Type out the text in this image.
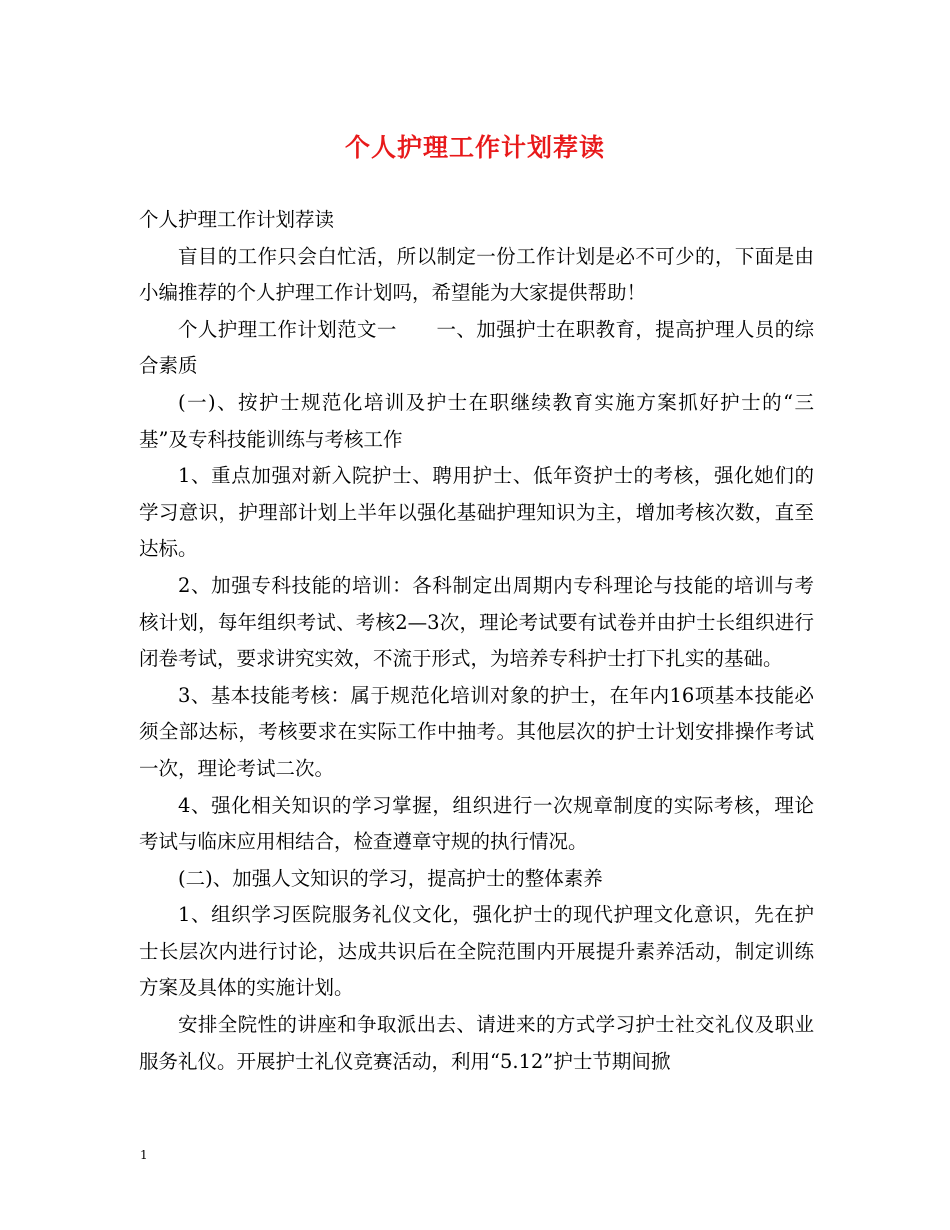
个人护理工作计划荐读

个人护理工作计划荐读

盲目的工作只会白忙活，所以制定一份工作计划是必不可少的，下面是由小编推荐的个人护理工作计划吗，希望能为大家提供帮助！

个人护理工作计划范文一　　一、加强护士在职教育，提高护理人员的综合素质

(一)、按护士规范化培训及护士在职继续教育实施方案抓好护士的“三基”及专科技能训练与考核工作

1、重点加强对新入院护士、聘用护士、低年资护士的考核，强化她们的学习意识，护理部计划上半年以强化基础护理知识为主，增加考核次数，直至达标。

2、加强专科技能的培训：各科制定出周期内专科理论与技能的培训与考核计划，每年组织考试、考核2—3次，理论考试要有试卷并由护士长组织进行闭卷考试，要求讲究实效，不流于形式，为培养专科护士打下扎实的基础。

3、基本技能考核：属于规范化培训对象的护士，在年内16项基本技能必须全部达标，考核要求在实际工作中抽考。其他层次的护士计划安排操作考试一次，理论考试二次。

4、强化相关知识的学习掌握，组织进行一次规章制度的实际考核，理论考试与临床应用相结合，检查遵章守规的执行情况。

(二)、加强人文知识的学习，提高护士的整体素养

1、组织学习医院服务礼仪文化，强化护士的现代护理文化意识，先在护士长层次内进行讨论，达成共识后在全院范围内开展提升素养活动，制定训练方案及具体的实施计划。

安排全院性的讲座和争取派出去、请进来的方式学习护士社交礼仪及职业服务礼仪。开展护士礼仪竞赛活动，利用“5.12”护士节期间掀

1
